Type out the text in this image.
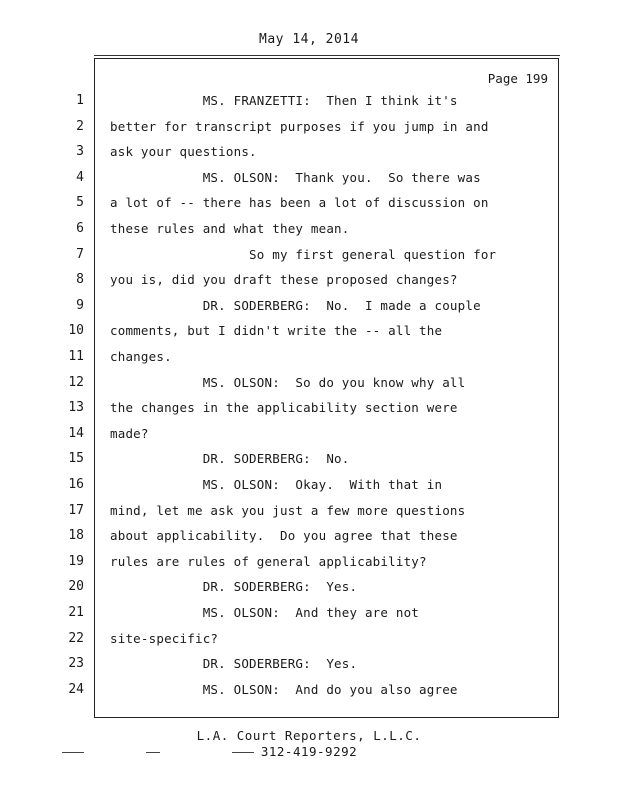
May 14, 2014
Page 199
1 MS. FRANZETTI:  Then I think it's
2 better for transcript purposes if you jump in and
3 ask your questions.
4 MS. OLSON:  Thank you.  So there was
5 a lot of -- there has been a lot of discussion on
6 these rules and what they mean.
7 So my first general question for
8 you is, did you draft these proposed changes?
9 DR. SODERBERG:  No.  I made a couple
10 comments, but I didn't write the -- all the
11 changes.
12 MS. OLSON:  So do you know why all
13 the changes in the applicability section were
14 made?
15 DR. SODERBERG:  No.
16 MS. OLSON:  Okay.  With that in
17 mind, let me ask you just a few more questions
18 about applicability.  Do you agree that these
19 rules are rules of general applicability?
20 DR. SODERBERG:  Yes.
21 MS. OLSON:  And they are not
22 site-specific?
23 DR. SODERBERG:  Yes.
24 MS. OLSON:  And do you also agree
L.A. Court Reporters, L.L.C.
312-419-9292
